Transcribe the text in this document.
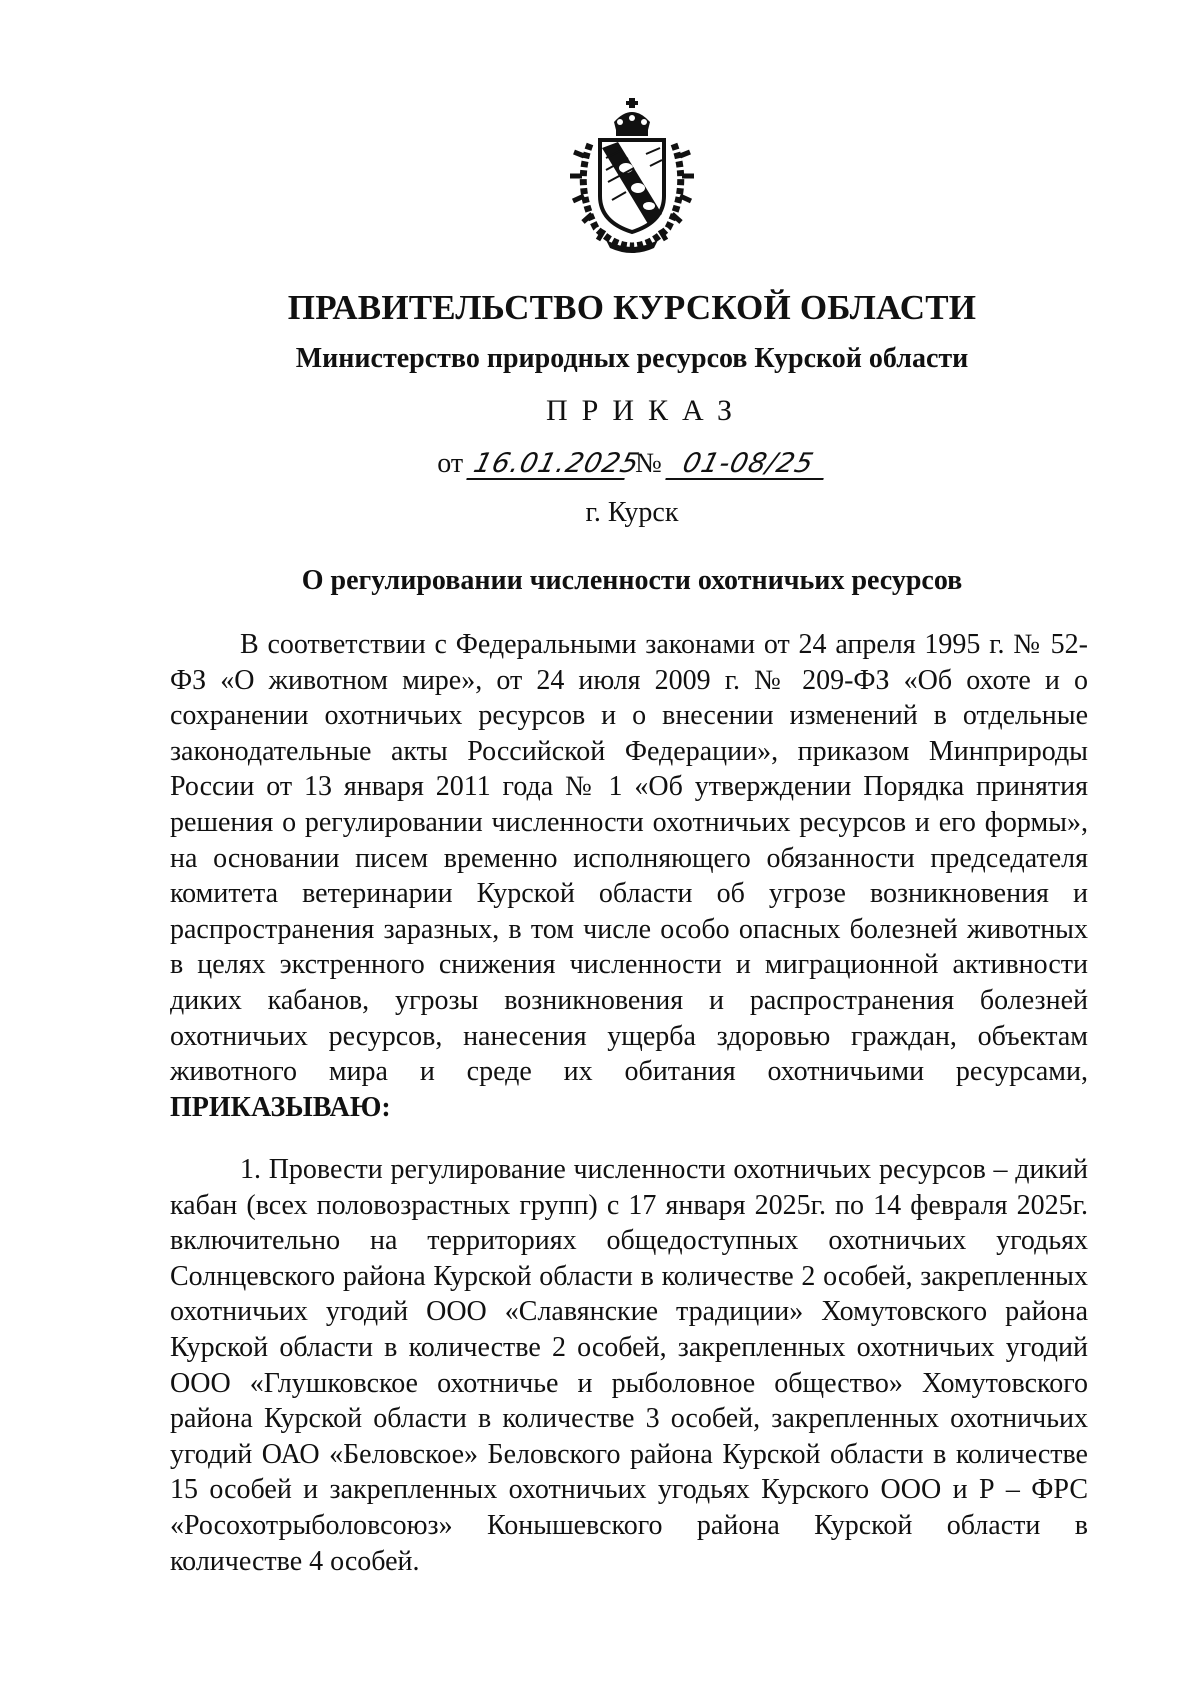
ПРАВИТЕЛЬСТВО КУРСКОЙ ОБЛАСТИ
Министерство природных ресурсов Курской области
ПРИКАЗ
от 16.01.2025 № 01-08/25
г. Курск
О регулировании численности охотничьих ресурсов

В соответствии с Федеральными законами от 24 апреля 1995 г. № 52-ФЗ «О животном мире», от 24 июля 2009 г. № 209-ФЗ «Об охоте и о сохранении охотничьих ресурсов и о внесении изменений в отдельные законодательные акты Российской Федерации», приказом Минприроды России от 13 января 2011 года № 1 «Об утверждении Порядка принятия решения о регулировании численности охотничьих ресурсов и его формы», на основании писем временно исполняющего обязанности председателя комитета ветеринарии Курской области об угрозе возникновения и распространения заразных, в том числе особо опасных болезней животных в целях экстренного снижения численности и миграционной активности диких кабанов, угрозы возникновения и распространения болезней охотничьих ресурсов, нанесения ущерба здоровью граждан, объектам животного мира и среде их обитания охотничьими ресурсами, ПРИКАЗЫВАЮ:

1. Провести регулирование численности охотничьих ресурсов – дикий кабан (всех половозрастных групп) с 17 января 2025г. по 14 февраля 2025г. включительно на территориях общедоступных охотничьих угодьях Солнцевского района Курской области в количестве 2 особей, закрепленных охотничьих угодий ООО «Славянские традиции» Хомутовского района Курской области в количестве 2 особей, закрепленных охотничьих угодий ООО «Глушковское охотничье и рыболовное общество» Хомутовского района Курской области в количестве 3 особей, закрепленных охотничьих угодий ОАО «Беловское» Беловского района Курской области в количестве 15 особей и закрепленных охотничьих угодьях Курского ООО и Р – ФРС «Росохотрыболовсоюз» Конышевского района Курской области в количестве 4 особей.
